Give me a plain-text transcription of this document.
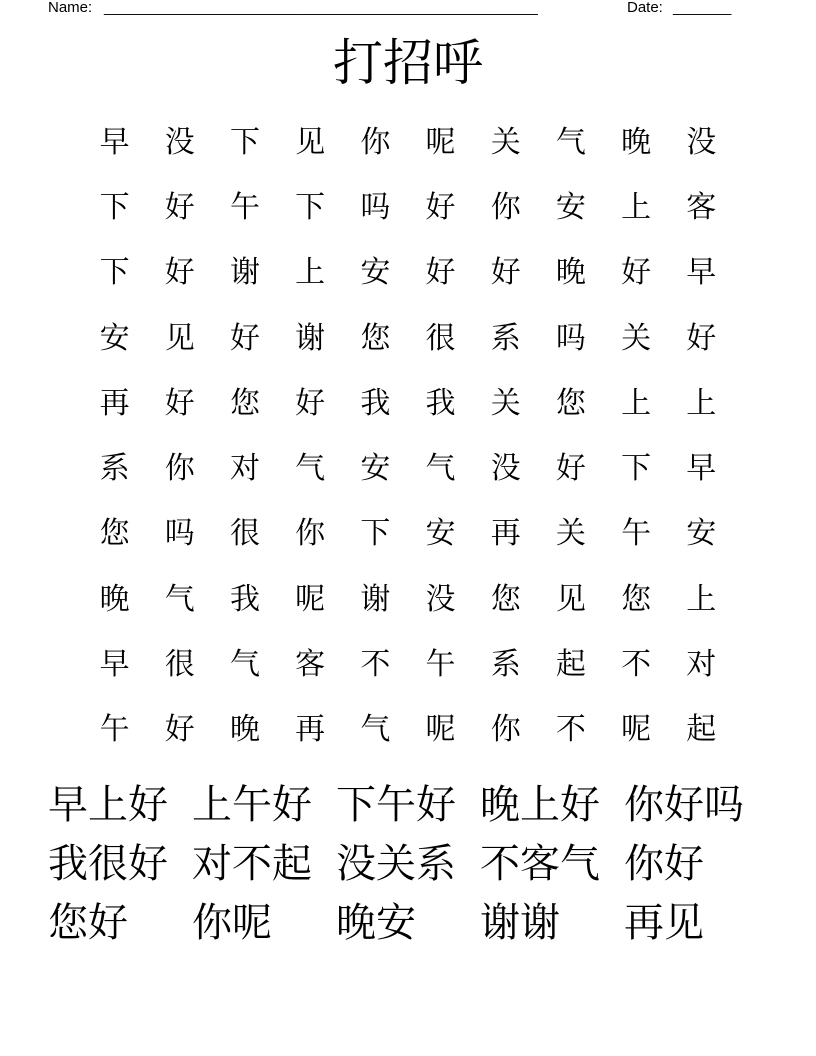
Name: ____________________________________________________	Date: _______
打招呼
早	没	下	见	你	呢	关	气	晚	没
下	好	午	下	吗	好	你	安	上	客
下	好	谢	上	安	好	好	晚	好	早
安	见	好	谢	您	很	系	吗	关	好
再	好	您	好	我	我	关	您	上	上
系	你	对	气	安	气	没	好	下	早
您	吗	很	你	下	安	再	关	午	安
晚	气	我	呢	谢	没	您	见	您	上
早	很	气	客	不	午	系	起	不	对
午	好	晚	再	气	呢	你	不	呢	起
早上好 上午好 下午好 晚上好 你好吗
我很好 对不起 没关系 不客气 你好
您好	你呢	晚安	谢谢	再见
